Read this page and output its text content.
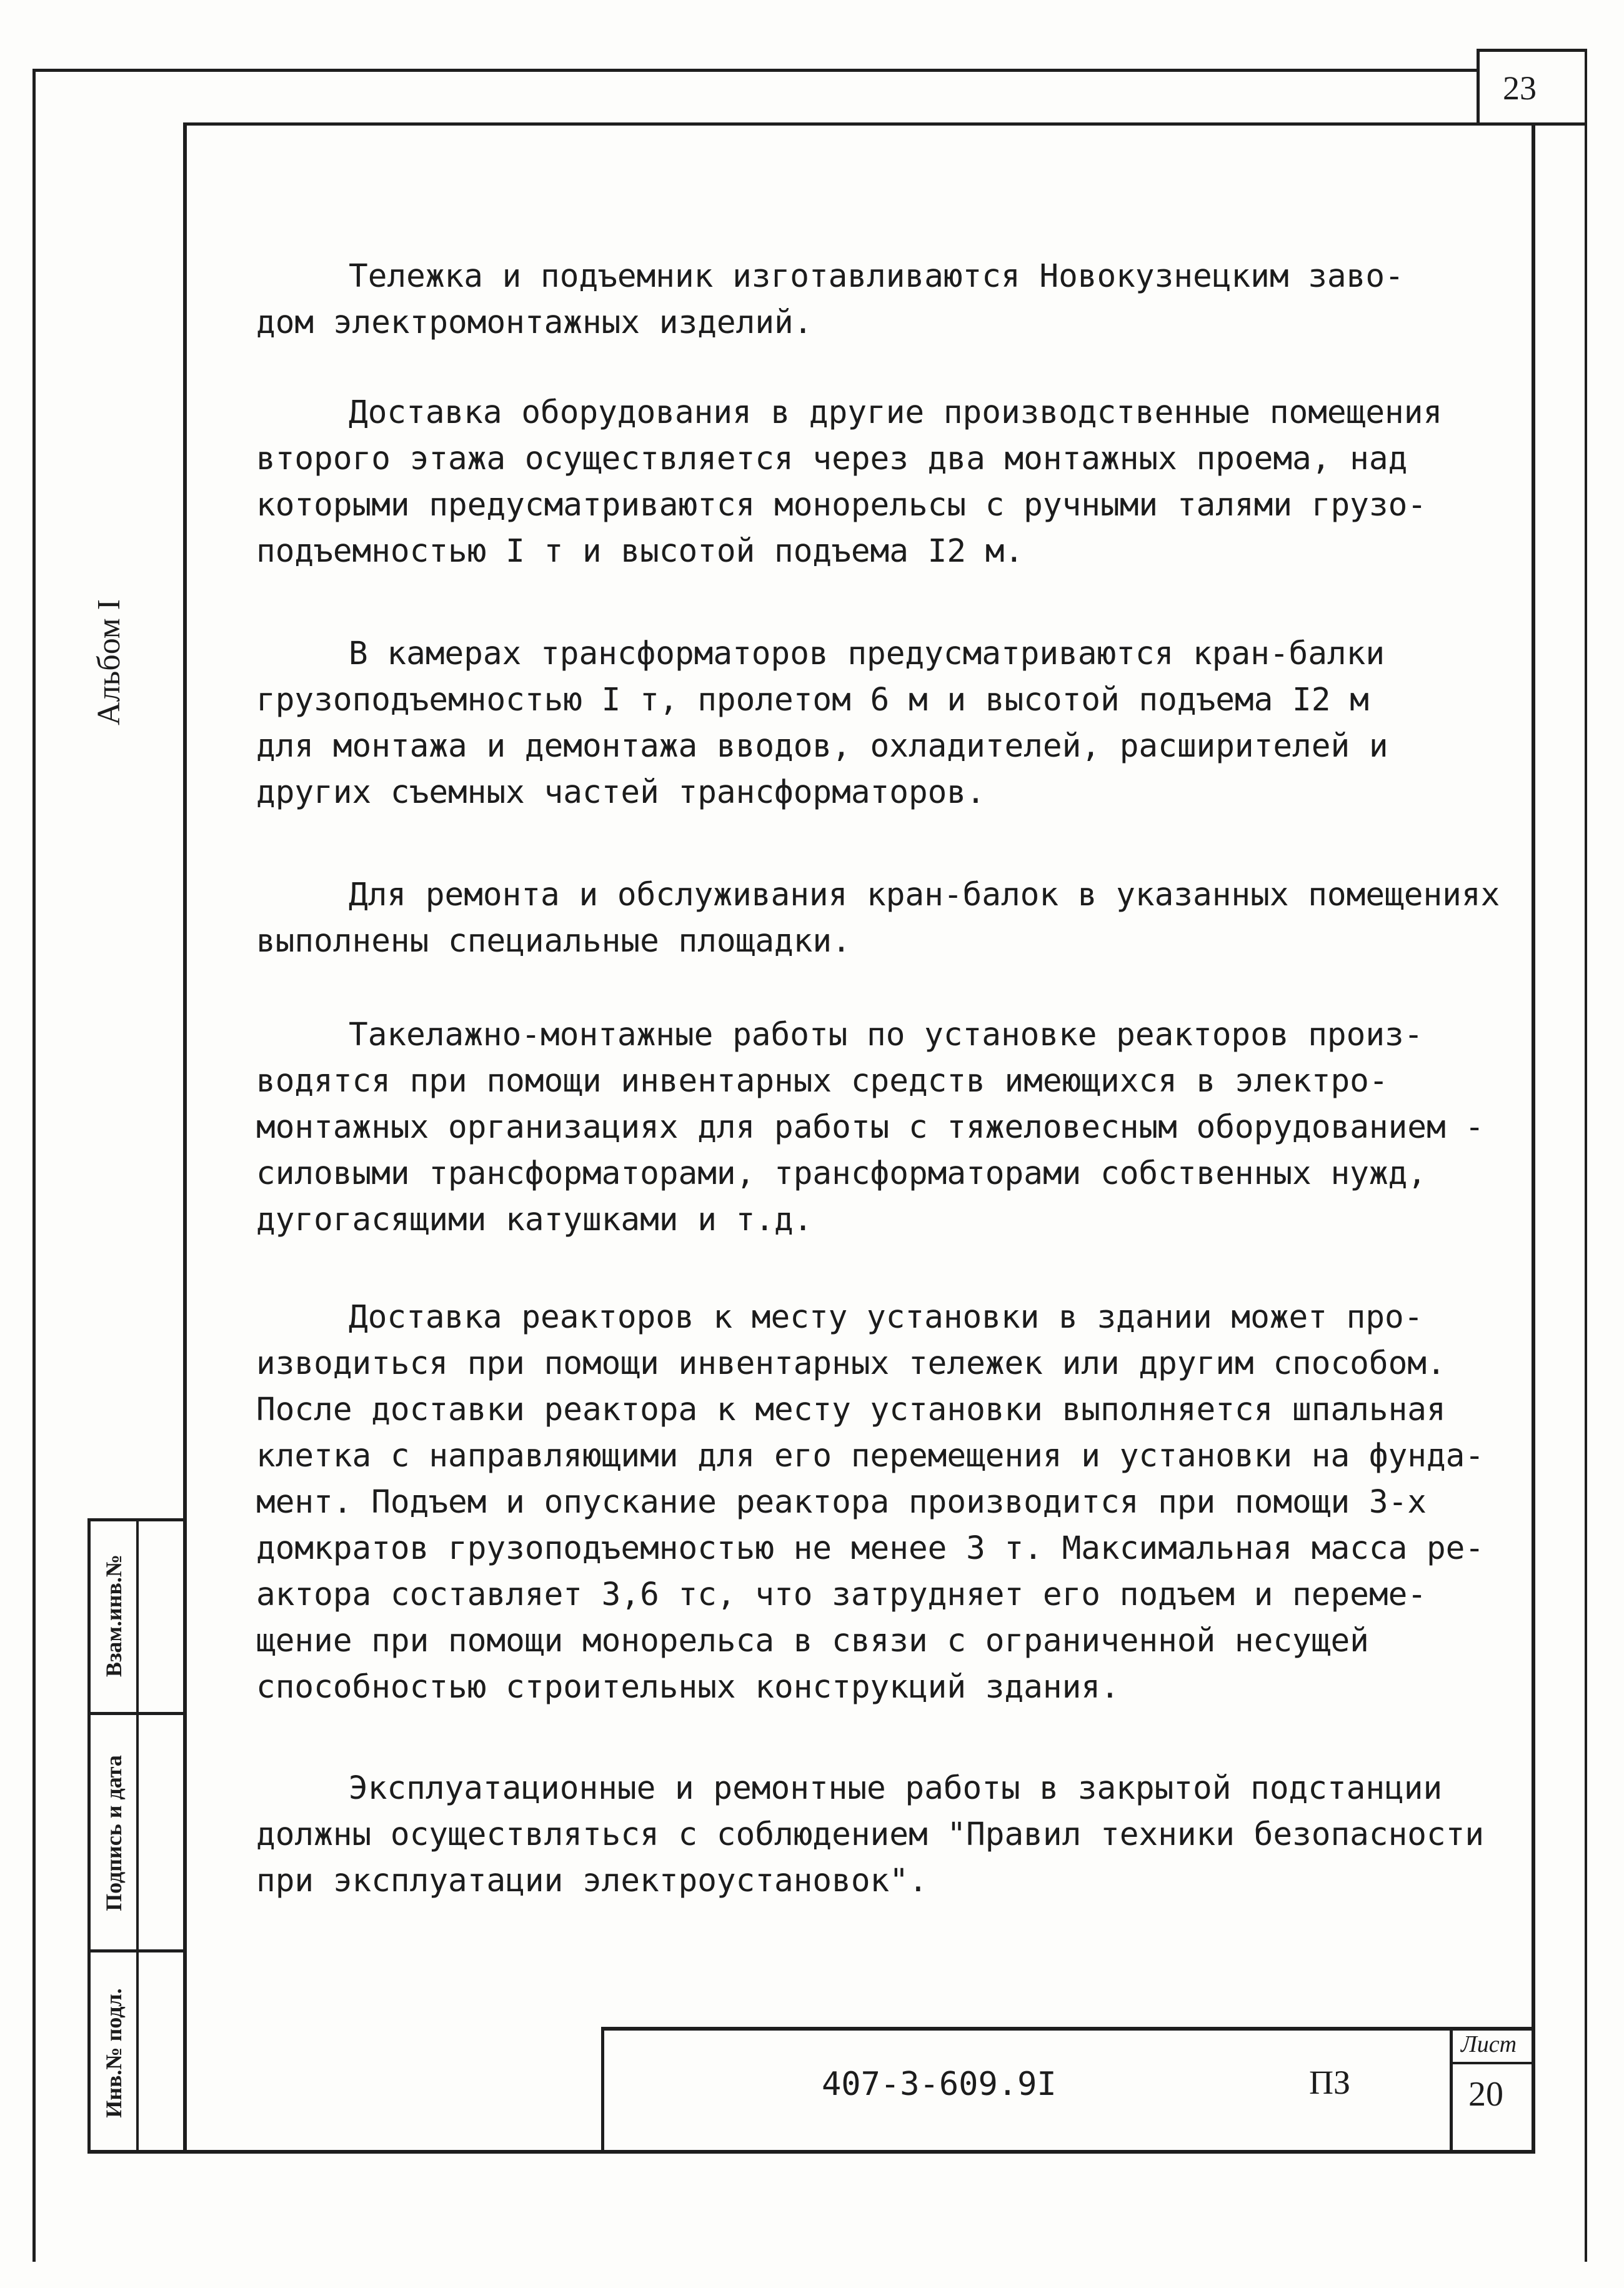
23
Альбом I
Взам.инв.№
Подпись и дата
Инв.№ подл.	407-3-609.9I	ПЗ
Лист
20
Тележка и подъемник изготавливаются Новокузнецким заво-
дом электромонтажных изделий.
Доставка оборудования в другие производственные помещения
второго этажа осуществляется через два монтажных проема, над
которыми предусматриваются монорельсы с ручными талями грузо-
подъемностью I т и высотой подъема I2 м.
В камерах трансформаторов предусматриваются кран-балки
грузоподъемностью I т, пролетом 6 м и высотой подъема I2 м
для монтажа и демонтажа вводов, охладителей, расширителей и
других съемных частей трансформаторов.
Для ремонта и обслуживания кран-балок в указанных помещениях
выполнены специальные площадки.
Такелажно-монтажные работы по установке реакторов произ-
водятся при помощи инвентарных средств имеющихся в электро-
монтажных организациях для работы с тяжеловесным оборудованием -
силовыми трансформаторами, трансформаторами собственных нужд,
дугогасящими катушками и т.д.
Доставка реакторов к месту установки в здании может про-
изводиться при помощи инвентарных тележек или другим способом.
После доставки реактора к месту установки выполняется шпальная
клетка с направляющими для его перемещения и установки на фунда-
мент. Подъем и опускание реактора производится при помощи 3-х
домкратов грузоподъемностью не менее 3 т. Максимальная масса ре-
актора составляет 3,6 тс, что затрудняет его подъем и переме-
щение при помощи монорельса в связи с ограниченной несущей
способностью строительных конструкций здания.
Эксплуатационные и ремонтные работы в закрытой подстанции
должны осуществляться с соблюдением "Правил техники безопасности
при эксплуатации электроустановок".
